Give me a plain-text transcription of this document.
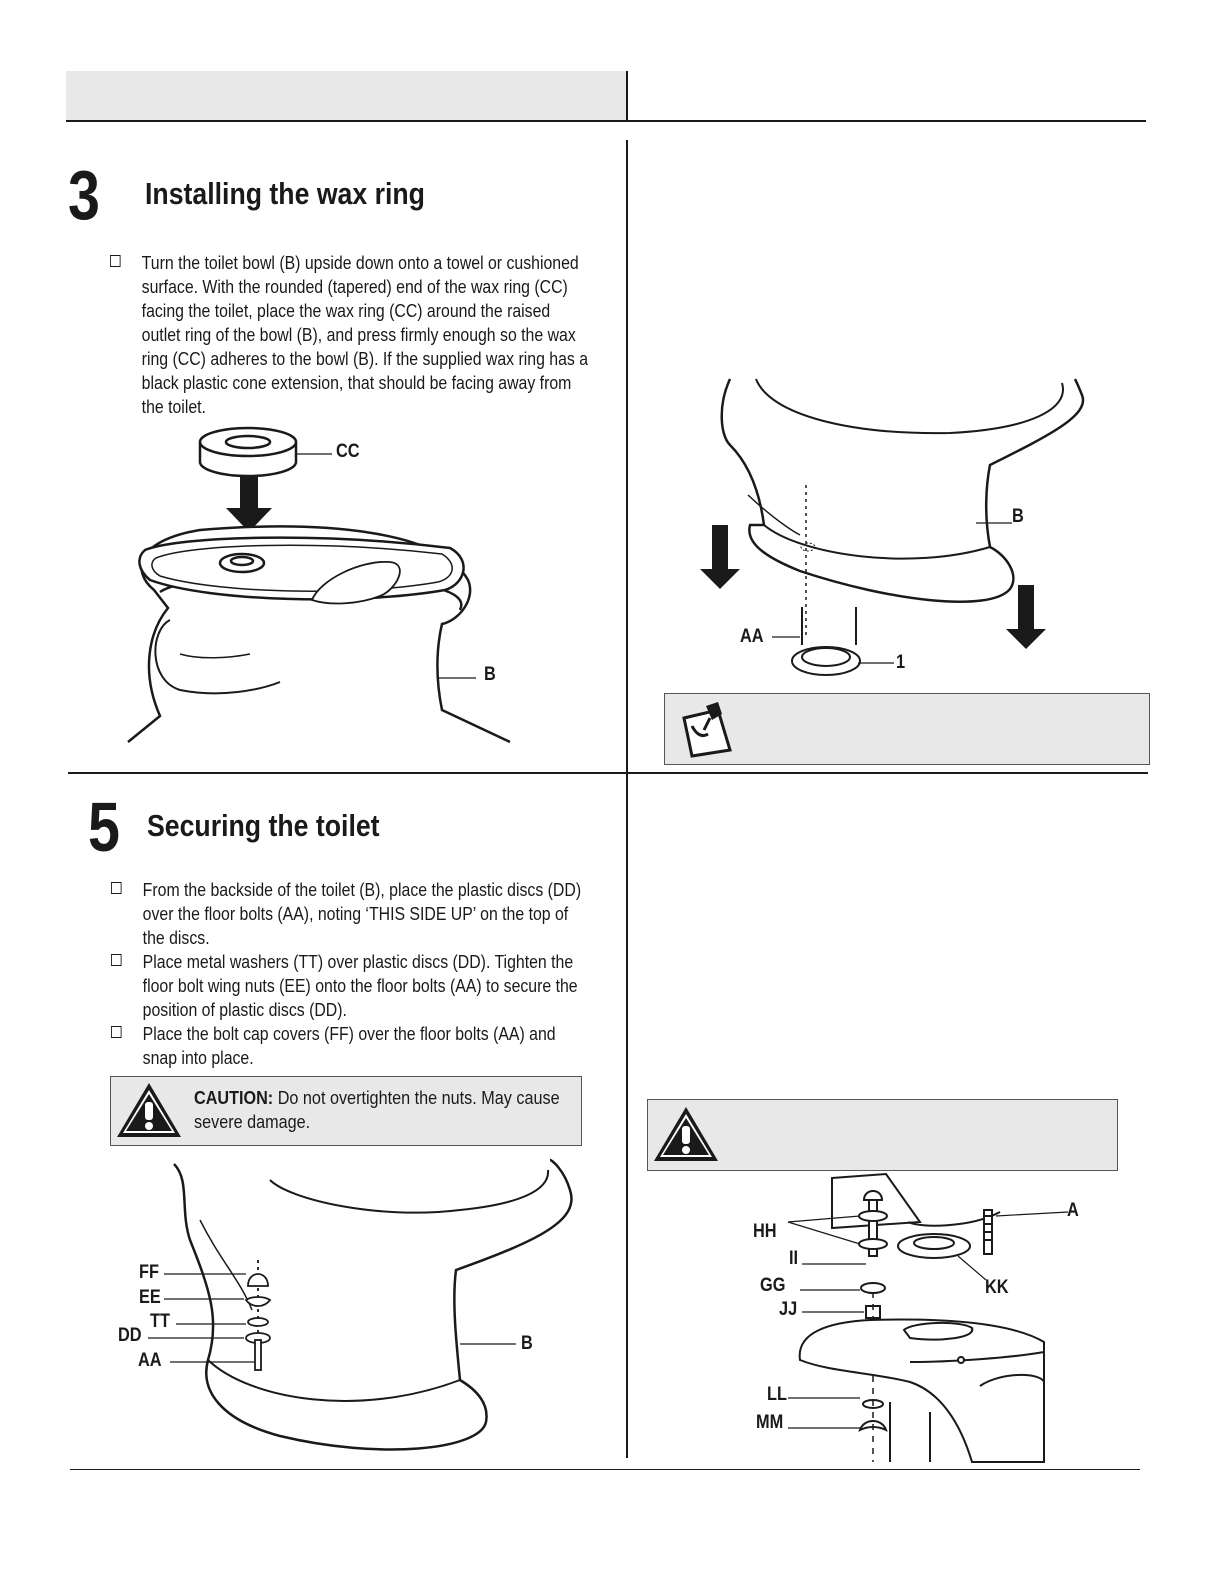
3 Installing the wax ring
Turn the toilet bowl (B) upside down onto a towel or cushioned surface. With the rounded (tapered) end of the wax ring (CC) facing the toilet, place the wax ring (CC) around the raised outlet ring of the bowl (B), and press firmly enough so the wax ring (CC) adheres to the bowl (B). If the supplied wax ring has a black plastic cone extension, that should be facing away from the toilet.
CC
B
B
AA
1
5 Securing the toilet
From the backside of the toilet (B), place the plastic discs (DD) over the floor bolts (AA), noting ‘THIS SIDE UP’ on the top of the discs.
Place metal washers (TT) over plastic discs (DD). Tighten the floor bolt wing nuts (EE) onto the floor bolts (AA) to secure the position of plastic discs (DD).
Place the bolt cap covers (FF) over the floor bolts (AA) and snap into place.
CAUTION: Do not overtighten the nuts. May cause severe damage.
FF
EE
TT
DD
AA
B
HH
II
GG
JJ
A
KK
LL
MM
